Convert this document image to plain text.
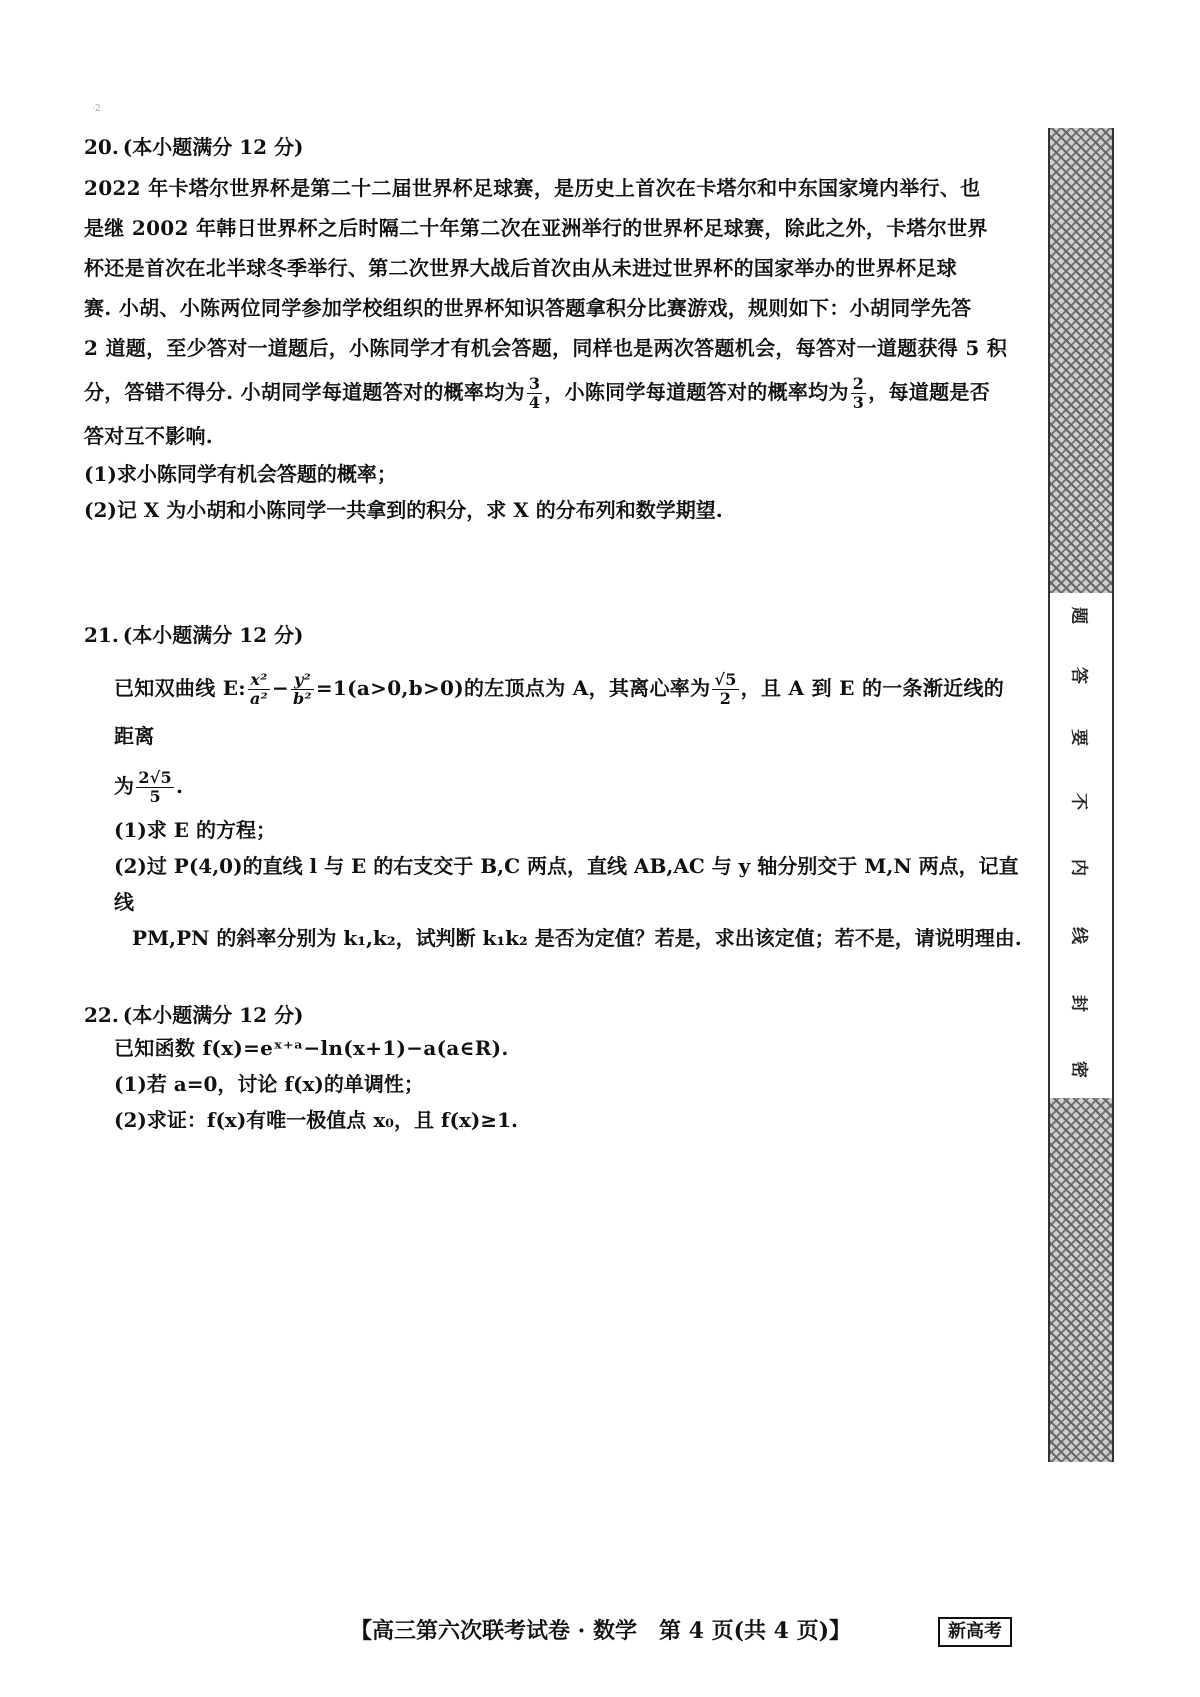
·2
20. (本小题满分 12 分)
2022 年卡塔尔世界杯是第二十二届世界杯足球赛，是历史上首次在卡塔尔和中东国家境内举行、也
是继 2002 年韩日世界杯之后时隔二十年第二次在亚洲举行的世界杯足球赛，除此之外，卡塔尔世界
杯还是首次在北半球冬季举行、第二次世界大战后首次由从未进过世界杯的国家举办的世界杯足球
赛. 小胡、小陈两位同学参加学校组织的世界杯知识答题拿积分比赛游戏，规则如下：小胡同学先答
2 道题，至少答对一道题后，小陈同学才有机会答题，同样也是两次答题机会，每答对一道题获得 5 积
分，答错不得分. 小胡同学每道题答对的概率均为 $\frac{3}{4}$ ，小陈同学每道题答对的概率均为 $\frac{2}{3}$ ，每道题是否
答对互不影响.
(1)求小陈同学有机会答题的概率；
(2)记 X 为小胡和小陈同学一共拿到的积分，求 X 的分布列和数学期望.
21. (本小题满分 12 分)
已知双曲线 E: $\frac{\text{x²}}{\text{a²}} - \frac{\text{y²}}{\text{b²}} =1(a>0,b>0)$的左顶点为 A，其离心率为 $\frac{√5}{2}$ ，且 A 到 E 的一条渐近线的距离
为 $\frac{2√5}{5}$ .
(1)求 E 的方程；
(2)过 P(4,0)的直线 l 与 E 的右支交于 B,C 两点，直线 AB,AC 与 y 轴分别交于 M,N 两点，记直线
PM,PN 的斜率分别为 k₁,k₂，试判断 k₁k₂ 是否为定值？若是，求出该定值；若不是，请说明理由.
22. (本小题满分 12 分)
已知函数 f(x)=eˣ⁺ᵃ−ln(x+1)−a(a∈R).
(1)若 a=0，讨论 f(x)的单调性；
(2)求证：f(x)有唯一极值点 x₀，且 f(x)≥1.
题
答
要
不
内
线
封
密
【高三第六次联考试卷 · 数学　第 4 页(共 4 页)】	新高考
